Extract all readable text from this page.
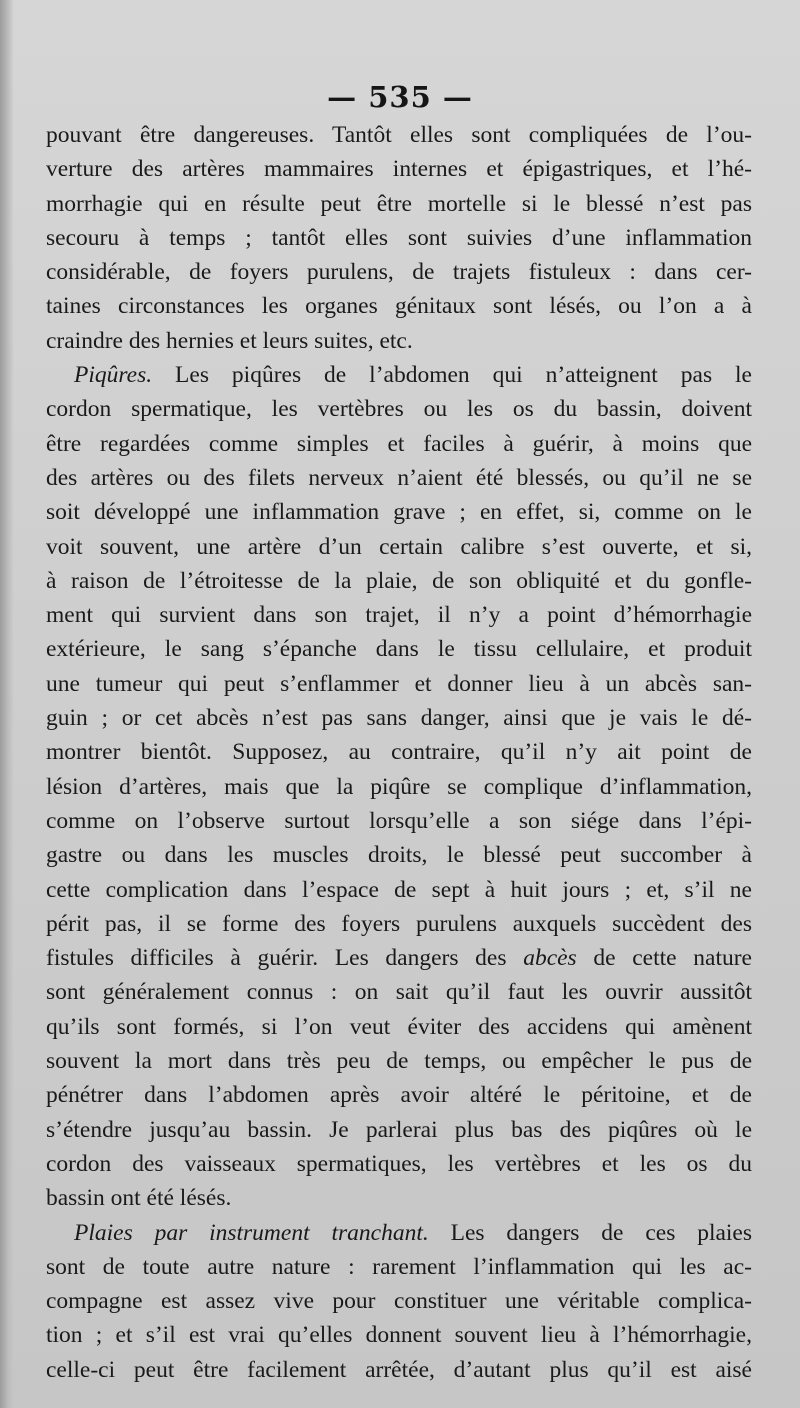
— 535 —
pouvant être dangereuses. Tantôt elles sont compliquées de l’ou-
verture des artères mammaires internes et épigastriques, et l’hé-
morrhagie qui en résulte peut être mortelle si le blessé n’est pas
secouru à temps ; tantôt elles sont suivies d’une inflammation
considérable, de foyers purulens, de trajets fistuleux : dans cer-
taines circonstances les organes génitaux sont lésés, ou l’on a à
craindre des hernies et leurs suites, etc.
Piqûres. Les piqûres de l’abdomen qui n’atteignent pas le
cordon spermatique, les vertèbres ou les os du bassin, doivent
être regardées comme simples et faciles à guérir, à moins que
des artères ou des filets nerveux n’aient été blessés, ou qu’il ne se
soit développé une inflammation grave ; en effet, si, comme on le
voit souvent, une artère d’un certain calibre s’est ouverte, et si,
à raison de l’étroitesse de la plaie, de son obliquité et du gonfle-
ment qui survient dans son trajet, il n’y a point d’hémorrhagie
extérieure, le sang s’épanche dans le tissu cellulaire, et produit
une tumeur qui peut s’enflammer et donner lieu à un abcès san-
guin ; or cet abcès n’est pas sans danger, ainsi que je vais le dé-
montrer bientôt. Supposez, au contraire, qu’il n’y ait point de
lésion d’artères, mais que la piqûre se complique d’inflammation,
comme on l’observe surtout lorsqu’elle a son siége dans l’épi-
gastre ou dans les muscles droits, le blessé peut succomber à
cette complication dans l’espace de sept à huit jours ; et, s’il ne
périt pas, il se forme des foyers purulens auxquels succèdent des
fistules difficiles à guérir. Les dangers des abcès de cette nature
sont généralement connus : on sait qu’il faut les ouvrir aussitôt
qu’ils sont formés, si l’on veut éviter des accidens qui amènent
souvent la mort dans très peu de temps, ou empêcher le pus de
pénétrer dans l’abdomen après avoir altéré le péritoine, et de
s’étendre jusqu’au bassin. Je parlerai plus bas des piqûres où le
cordon des vaisseaux spermatiques, les vertèbres et les os du
bassin ont été lésés.
Plaies par instrument tranchant. Les dangers de ces plaies
sont de toute autre nature : rarement l’inflammation qui les ac-
compagne est assez vive pour constituer une véritable complica-
tion ; et s’il est vrai qu’elles donnent souvent lieu à l’hémorrhagie,
celle-ci peut être facilement arrêtée, d’autant plus qu’il est aisé
